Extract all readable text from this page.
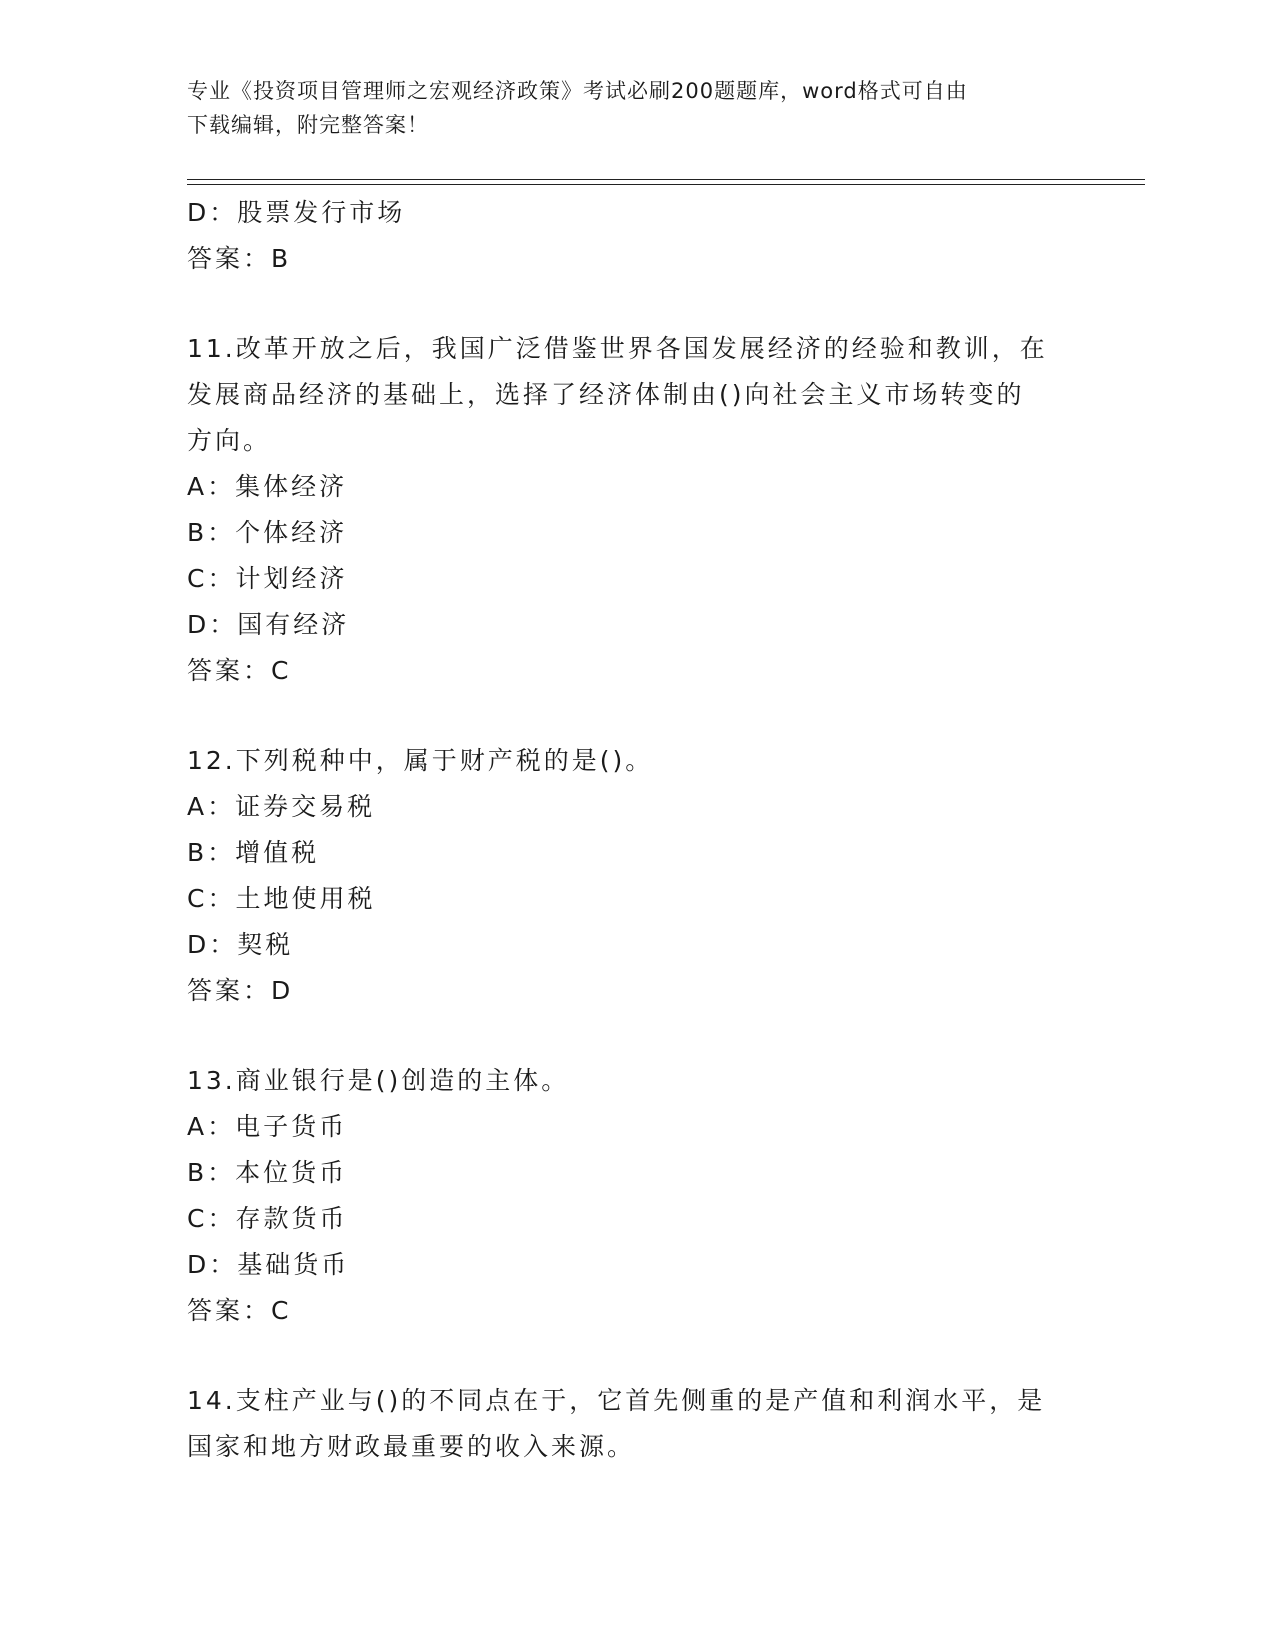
专业《投资项目管理师之宏观经济政策》考试必刷200题题库，word格式可自由
下载编辑，附完整答案！
D：股票发行市场
答案：B
11.改革开放之后，我国广泛借鉴世界各国发展经济的经验和教训，在
发展商品经济的基础上，选择了经济体制由()向社会主义市场转变的
方向。
A：集体经济
B：个体经济
C：计划经济
D：国有经济
答案：C
12.下列税种中，属于财产税的是()。
A：证券交易税
B：增值税
C：土地使用税
D：契税
答案：D
13.商业银行是()创造的主体。
A：电子货币
B：本位货币
C：存款货币
D：基础货币
答案：C
14.支柱产业与()的不同点在于，它首先侧重的是产值和利润水平，是
国家和地方财政最重要的收入来源。
